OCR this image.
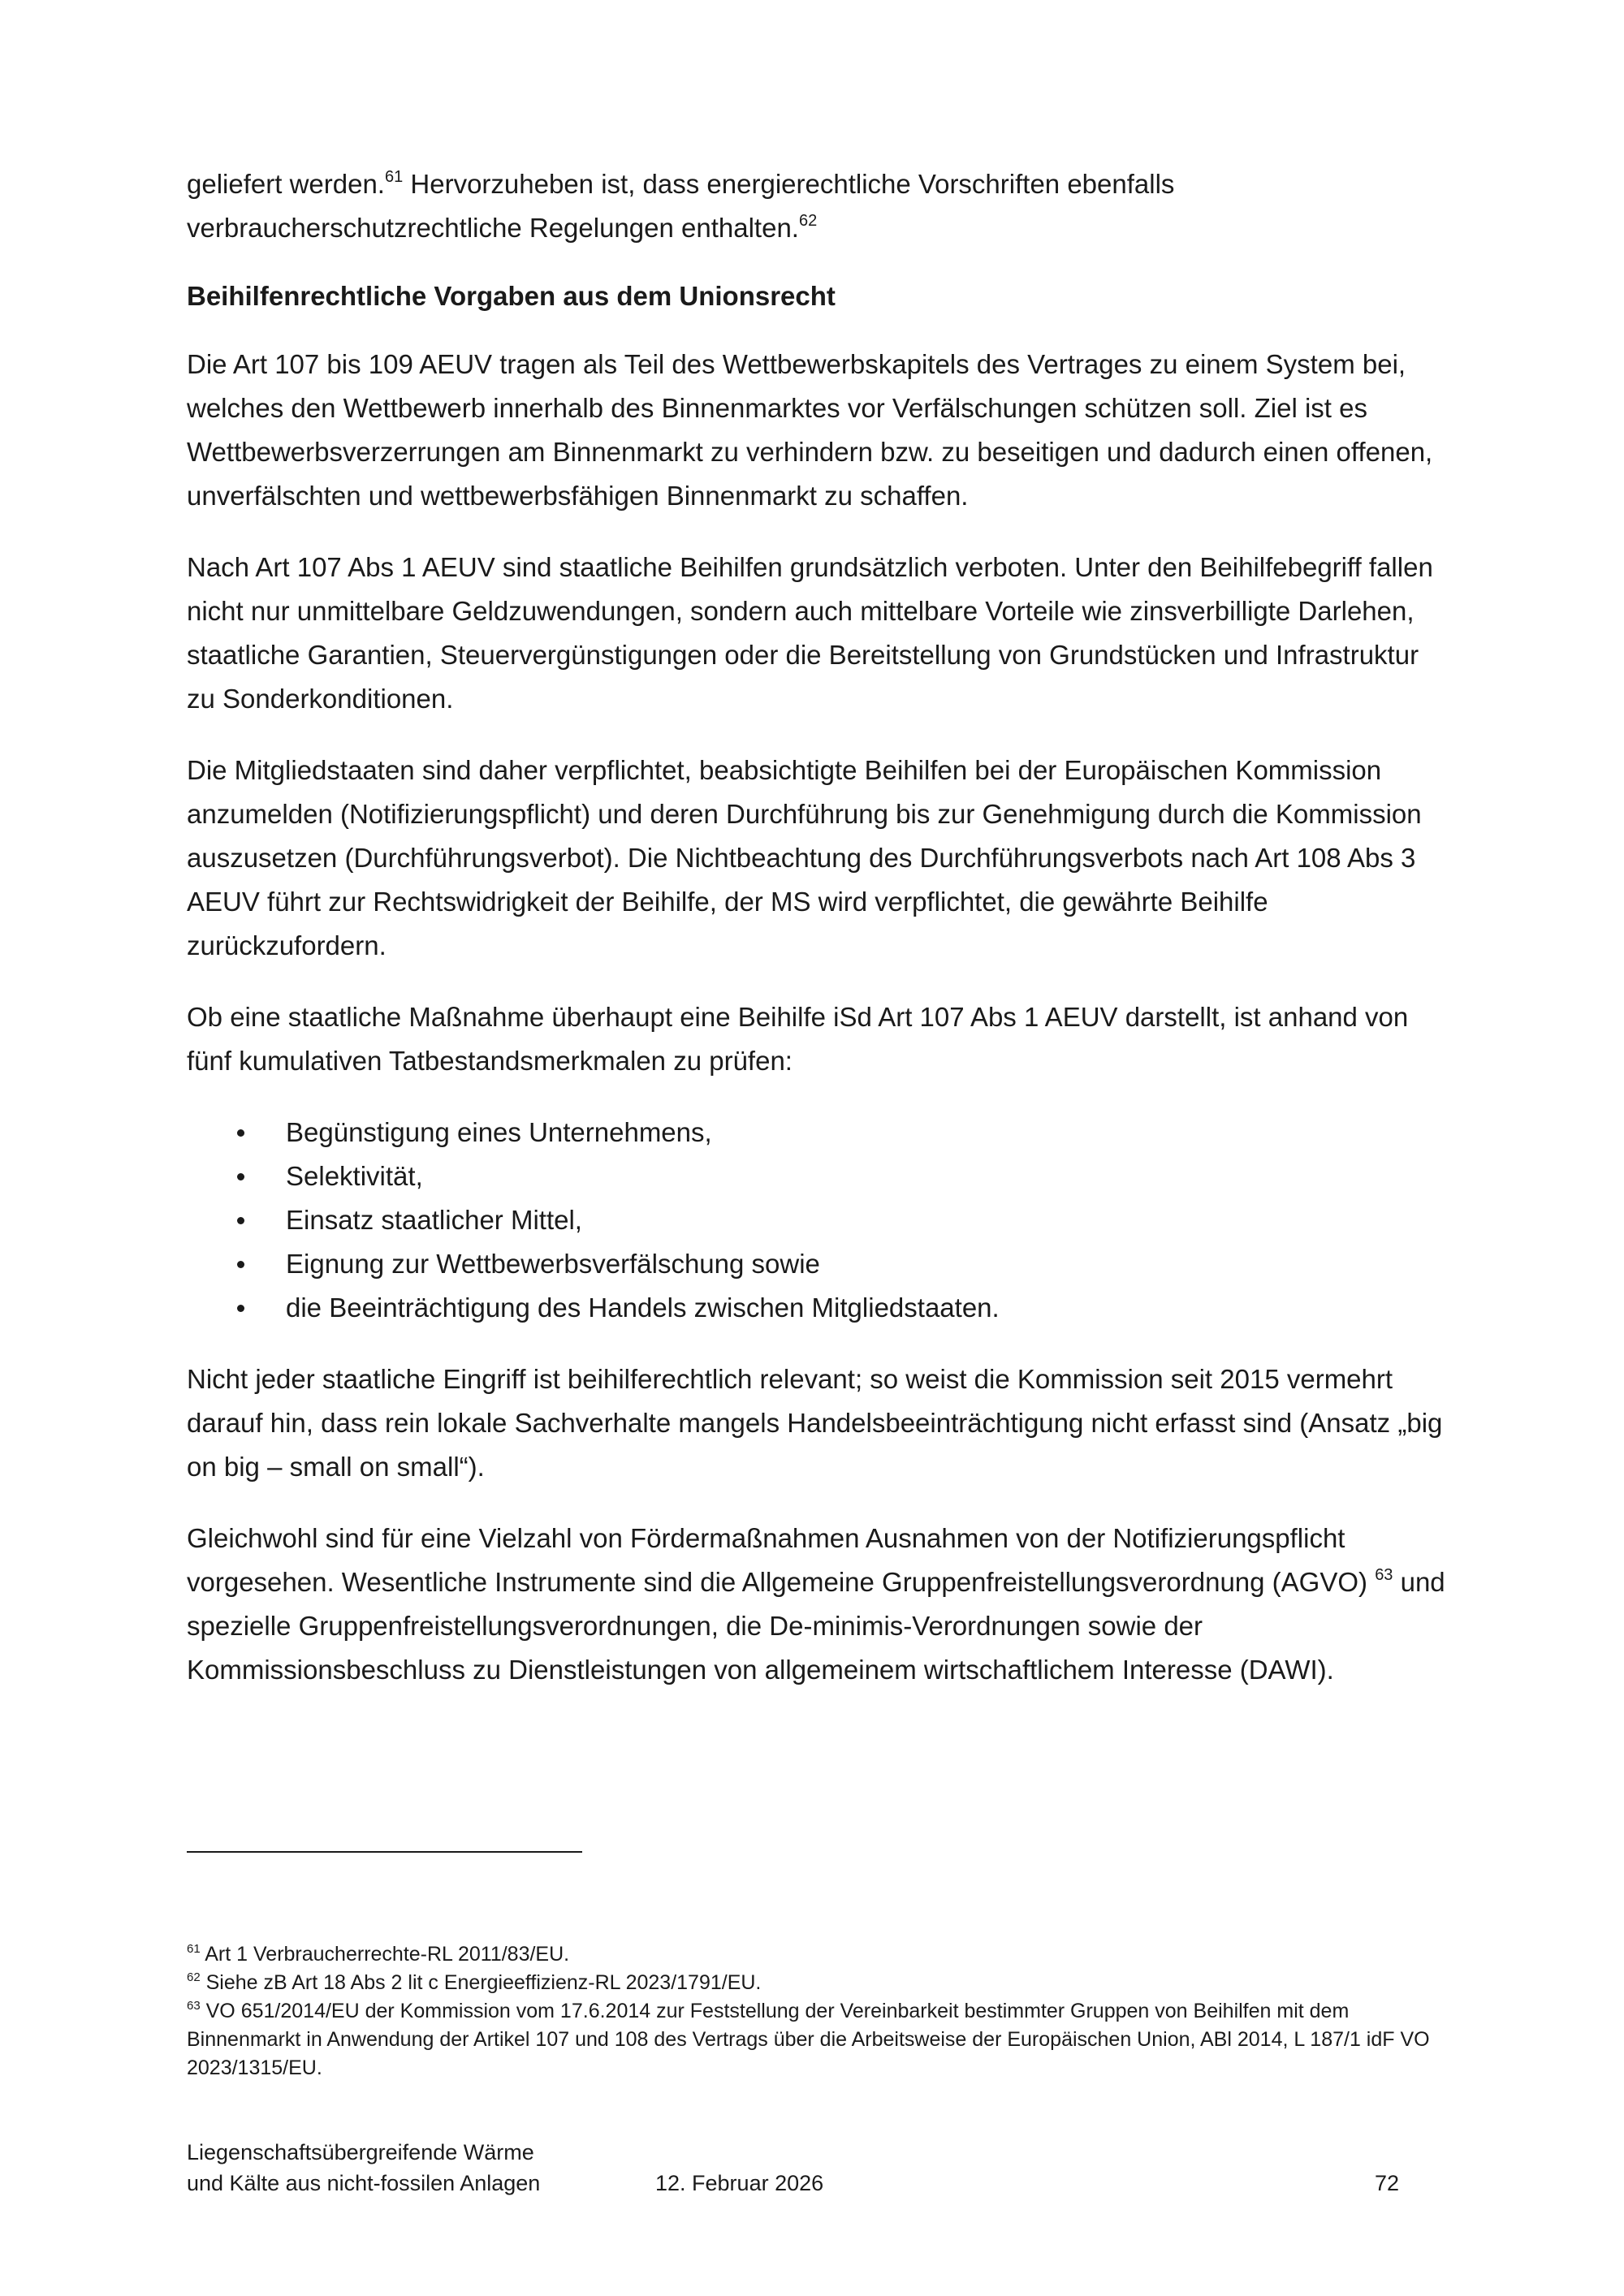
geliefert werden.$^{61}$ Hervorzuheben ist, dass energierechtliche Vorschriften ebenfalls verbraucherschutzrechtliche Regelungen enthalten.$^{62}$

Beihilfenrechtliche Vorgaben aus dem Unionsrecht

Die Art 107 bis 109 AEUV tragen als Teil des Wettbewerbskapitels des Vertrages zu einem System bei, welches den Wettbewerb innerhalb des Binnenmarktes vor Verfälschungen schützen soll. Ziel ist es Wettbewerbsverzerrungen am Binnenmarkt zu verhindern bzw. zu beseitigen und dadurch einen offenen, unverfälschten und wettbewerbsfähigen Binnenmarkt zu schaffen.

Nach Art 107 Abs 1 AEUV sind staatliche Beihilfen grundsätzlich verboten. Unter den Beihilfebegriff fallen nicht nur unmittelbare Geldzuwendungen, sondern auch mittelbare Vorteile wie zinsverbilligte Darlehen, staatliche Garantien, Steuervergünstigungen oder die Bereitstellung von Grundstücken und Infrastruktur zu Sonderkonditionen.

Die Mitgliedstaaten sind daher verpflichtet, beabsichtigte Beihilfen bei der Europäischen Kommission anzumelden (Notifizierungspflicht) und deren Durchführung bis zur Genehmigung durch die Kommission auszusetzen (Durchführungsverbot). Die Nichtbeachtung des Durchführungsverbots nach Art 108 Abs 3 AEUV führt zur Rechtswidrigkeit der Beihilfe, der MS wird verpflichtet, die gewährte Beihilfe zurückzufordern.

Ob eine staatliche Maßnahme überhaupt eine Beihilfe iSd Art 107 Abs 1 AEUV darstellt, ist anhand von fünf kumulativen Tatbestandsmerkmalen zu prüfen:

Begünstigung eines Unternehmens,
Selektivität,
Einsatz staatlicher Mittel,
Eignung zur Wettbewerbsverfälschung sowie
die Beeinträchtigung des Handels zwischen Mitgliedstaaten.

Nicht jeder staatliche Eingriff ist beihilferechtlich relevant; so weist die Kommission seit 2015 vermehrt darauf hin, dass rein lokale Sachverhalte mangels Handelsbeeinträchtigung nicht erfasst sind (Ansatz „big on big – small on small“).

Gleichwohl sind für eine Vielzahl von Fördermaßnahmen Ausnahmen von der Notifizierungspflicht vorgesehen. Wesentliche Instrumente sind die Allgemeine Gruppenfreistellungsverordnung (AGVO) $^{63}$ und spezielle Gruppenfreistellungsverordnungen, die De-minimis-Verordnungen sowie der Kommissionsbeschluss zu Dienstleistungen von allgemeinem wirtschaftlichem Interesse (DAWI).

$^{61}$ Art 1 Verbraucherrechte-RL 2011/83/EU.

$^{62}$ Siehe zB Art 18 Abs 2 lit c Energieeffizienz-RL 2023/1791/EU.

$^{63}$ VO 651/2014/EU der Kommission vom 17.6.2014 zur Feststellung der Vereinbarkeit bestimmter Gruppen von Beihilfen mit dem Binnenmarkt in Anwendung der Artikel 107 und 108 des Vertrags über die Arbeitsweise der Europäischen Union, ABl 2014, L 187/1 idF VO 2023/1315/EU.

Liegenschaftsübergreifende Wärme
und Kälte aus nicht-fossilen Anlagen	12. Februar 2026	72
